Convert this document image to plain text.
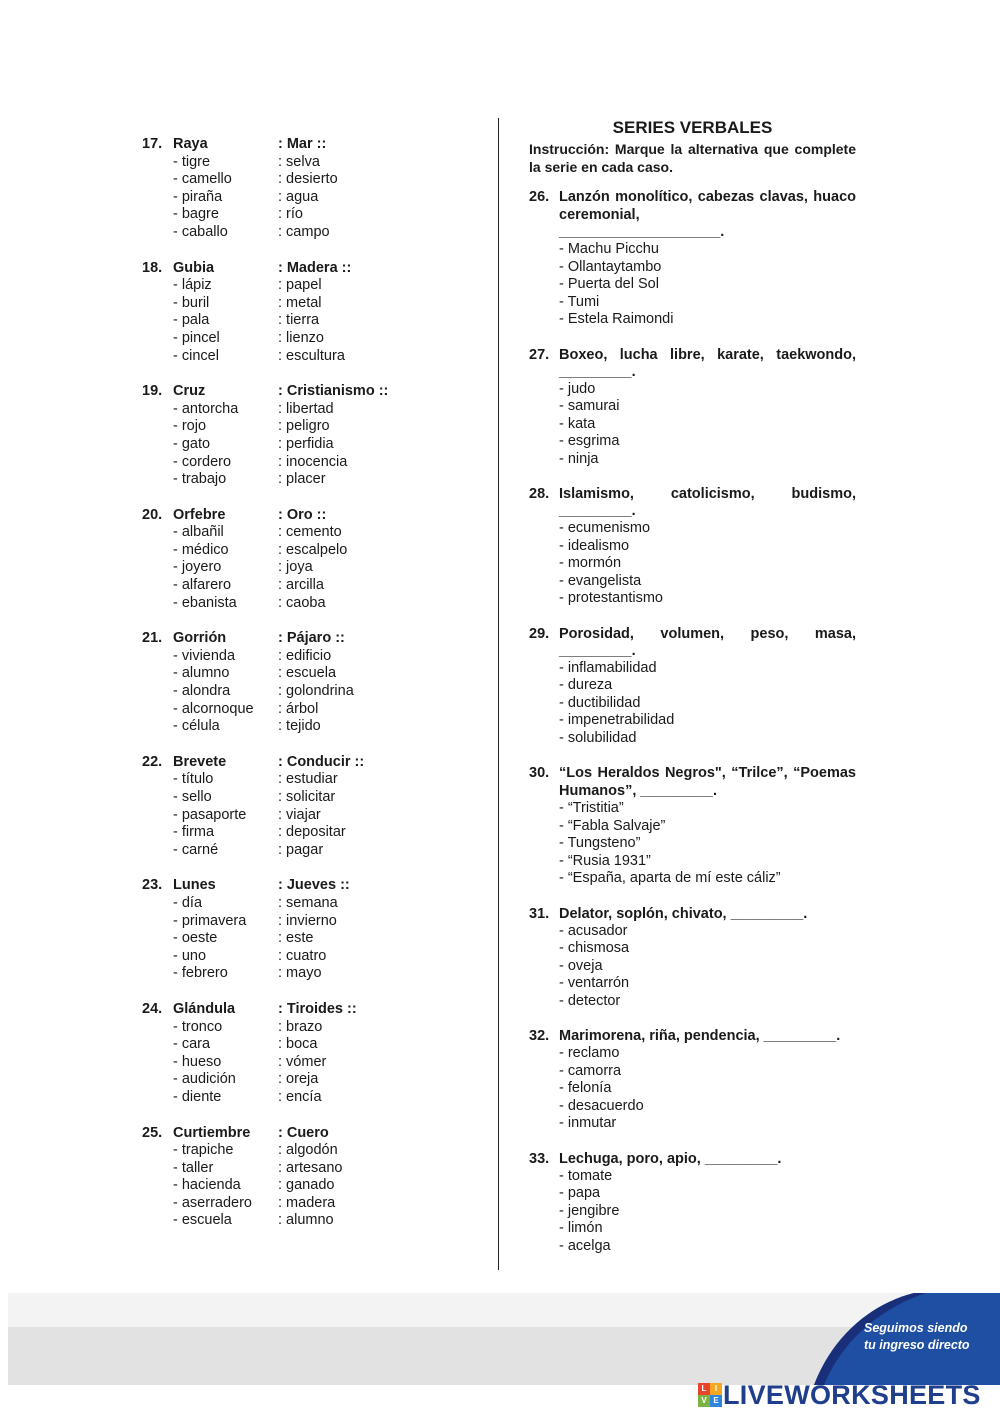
17. Raya	: Mar ::
- tigre	: selva
- camello	: desierto
- piraña	: agua
- bagre	: río
- caballo	: campo
18. Gubia	: Madera ::
- lápiz	: papel
- buril	: metal
- pala	: tierra
- pincel	: lienzo
- cincel	: escultura
19. Cruz	: Cristianismo ::
- antorcha	: libertad
- rojo	: peligro
- gato	: perfidia
- cordero	: inocencia
- trabajo	: placer
20. Orfebre	: Oro ::
- albañil	: cemento
- médico	: escalpelo
- joyero	: joya
- alfarero	: arcilla
- ebanista	: caoba
21. Gorrión	: Pájaro ::
- vivienda	: edificio
- alumno	: escuela
- alondra	: golondrina
- alcornoque	: árbol
- célula	: tejido
22. Brevete	: Conducir ::
- título	: estudiar
- sello	: solicitar
- pasaporte	: viajar
- firma	: depositar
- carné	: pagar
23. Lunes	: Jueves ::
- día	: semana
- primavera	: invierno
- oeste	: este
- uno	: cuatro
- febrero	: mayo
24. Glándula	: Tiroides ::
- tronco	: brazo
- cara	: boca
- hueso	: vómer
- audición	: oreja
- diente	: encía
25. Curtiembre	: Cuero
- trapiche	: algodón
- taller	: artesano
- hacienda	: ganado
- aserradero	: madera
- escuela	: alumno
SERIES VERBALES
Instrucción: Marque la alternativa que complete la serie en cada caso.
26. Lanzón monolítico, cabezas clavas, huaco ceremonial,
____________________.
- Machu Picchu
- Ollantaytambo
- Puerta del Sol
- Tumi
- Estela Raimondi
27. Boxeo, lucha libre, karate, taekwondo,
_________.
- judo
- samurai
- kata
- esgrima
- ninja
28. Islamismo, catolicismo, budismo,
_________.
- ecumenismo
- idealismo
- mormón
- evangelista
- protestantismo
29. Porosidad, volumen, peso, masa,
_________.
- inflamabilidad
- dureza
- ductibilidad
- impenetrabilidad
- solubilidad
30. “Los Heraldos Negros", “Trilce”, “Poemas Humanos”, _________.
- “Tristitia”
- “Fabla Salvaje”
- Tungsteno”
- “Rusia 1931”
- “España, aparta de mí este cáliz”
31. Delator, soplón, chivato, _________.
- acusador
- chismosa
- oveja
- ventarrón
- detector
32. Marimorena, riña, pendencia, _________.
- reclamo
- camorra
- felonía
- desacuerdo
- inmutar
33. Lechuga, poro, apio, _________.
- tomate
- papa
- jengibre
- limón
- acelga
Seguimos siendo
tu ingreso directo
L	I
V E LIVEWORKSHEETS
